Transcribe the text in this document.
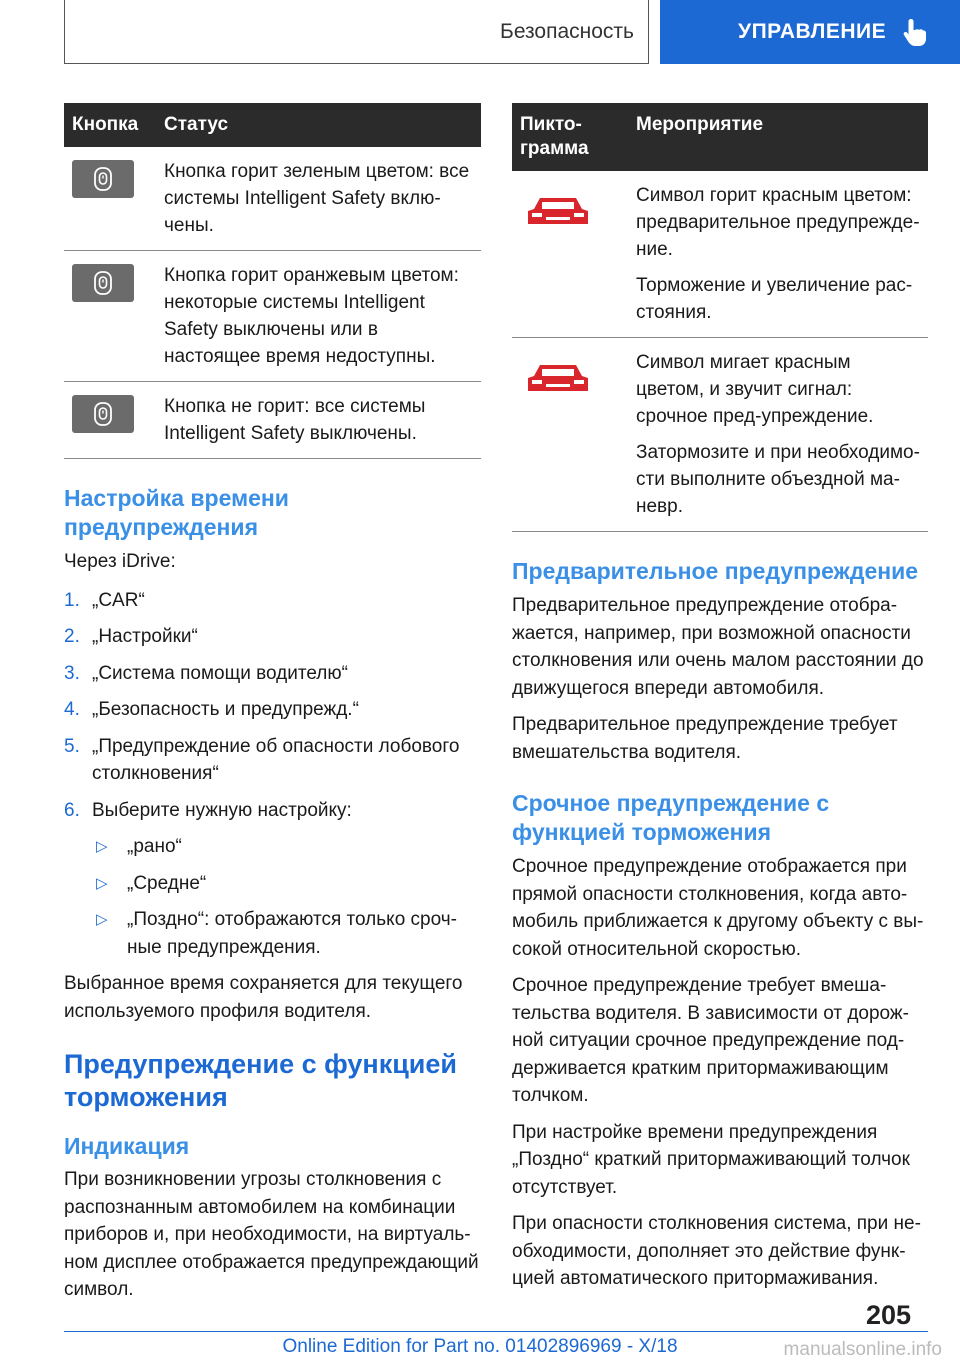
Безопасность	УПРАВЛЕНИЕ
Кнопка	Статус

	Кнопка горит зеленым цветом: все системы Intelligent Safety вклю-чены.

	Кнопка горит оранжевым цветом: некоторые системы Intelligent Safety выключены или в настоящее время недоступны.

	Кнопка не горит: все системы Intelligent Safety выключены.
Настройка времени предупреждения

Через iDrive:

1. „CAR“
2. „Настройки“
3. „Система помощи водителю“
4. „Безопасность и предупрежд.“
5. „Предупреждение об опасности лобового столкновения“
6. Выберите нужную настройку:
▷ „рано“
▷ „Средне“
▷ „Поздно“: отображаются только сроч-ные предупреждения.

Выбранное время сохраняется для текущего используемого профиля водителя.

Предупреждение с функцией торможения
Индикация

При возникновении угрозы столкновения с распознанным автомобилем на комбинации приборов и, при необходимости, на виртуаль-ном дисплее отображается предупреждающий символ.

Пикто-грамма	Мероприятие

Символ горит красным цветом: предварительное предупрежде-ние.

Торможение и увеличение рас-стояния.

Символ мигает красным цветом, и звучит сигнал: срочное пред-упреждение.

Затормозите и при необходимо-сти выполните объездной ма-невр.

Предварительное предупреждение

Предварительное предупреждение отобра-жается, например, при возможной опасности столкновения или очень малом расстоянии до движущегося впереди автомобиля.

Предварительное предупреждение требует вмешательства водителя.

Срочное предупреждение с функцией торможения

Срочное предупреждение отображается при прямой опасности столкновения, когда авто-мобиль приближается к другому объекту с вы-сокой относительной скоростью.

Срочное предупреждение требует вмеша-тельства водителя. В зависимости от дорож-ной ситуации срочное предупреждение под-держивается кратким притормаживающим толчком.

При настройке времени предупреждения „Поздно“ краткий притормаживающий толчок отсутствует.

При опасности столкновения система, при не-обходимости, дополняет это действие функ-цией автоматического притормаживания.

205
Online Edition for Part no. 01402896969 - X/18	manualsonline.info
